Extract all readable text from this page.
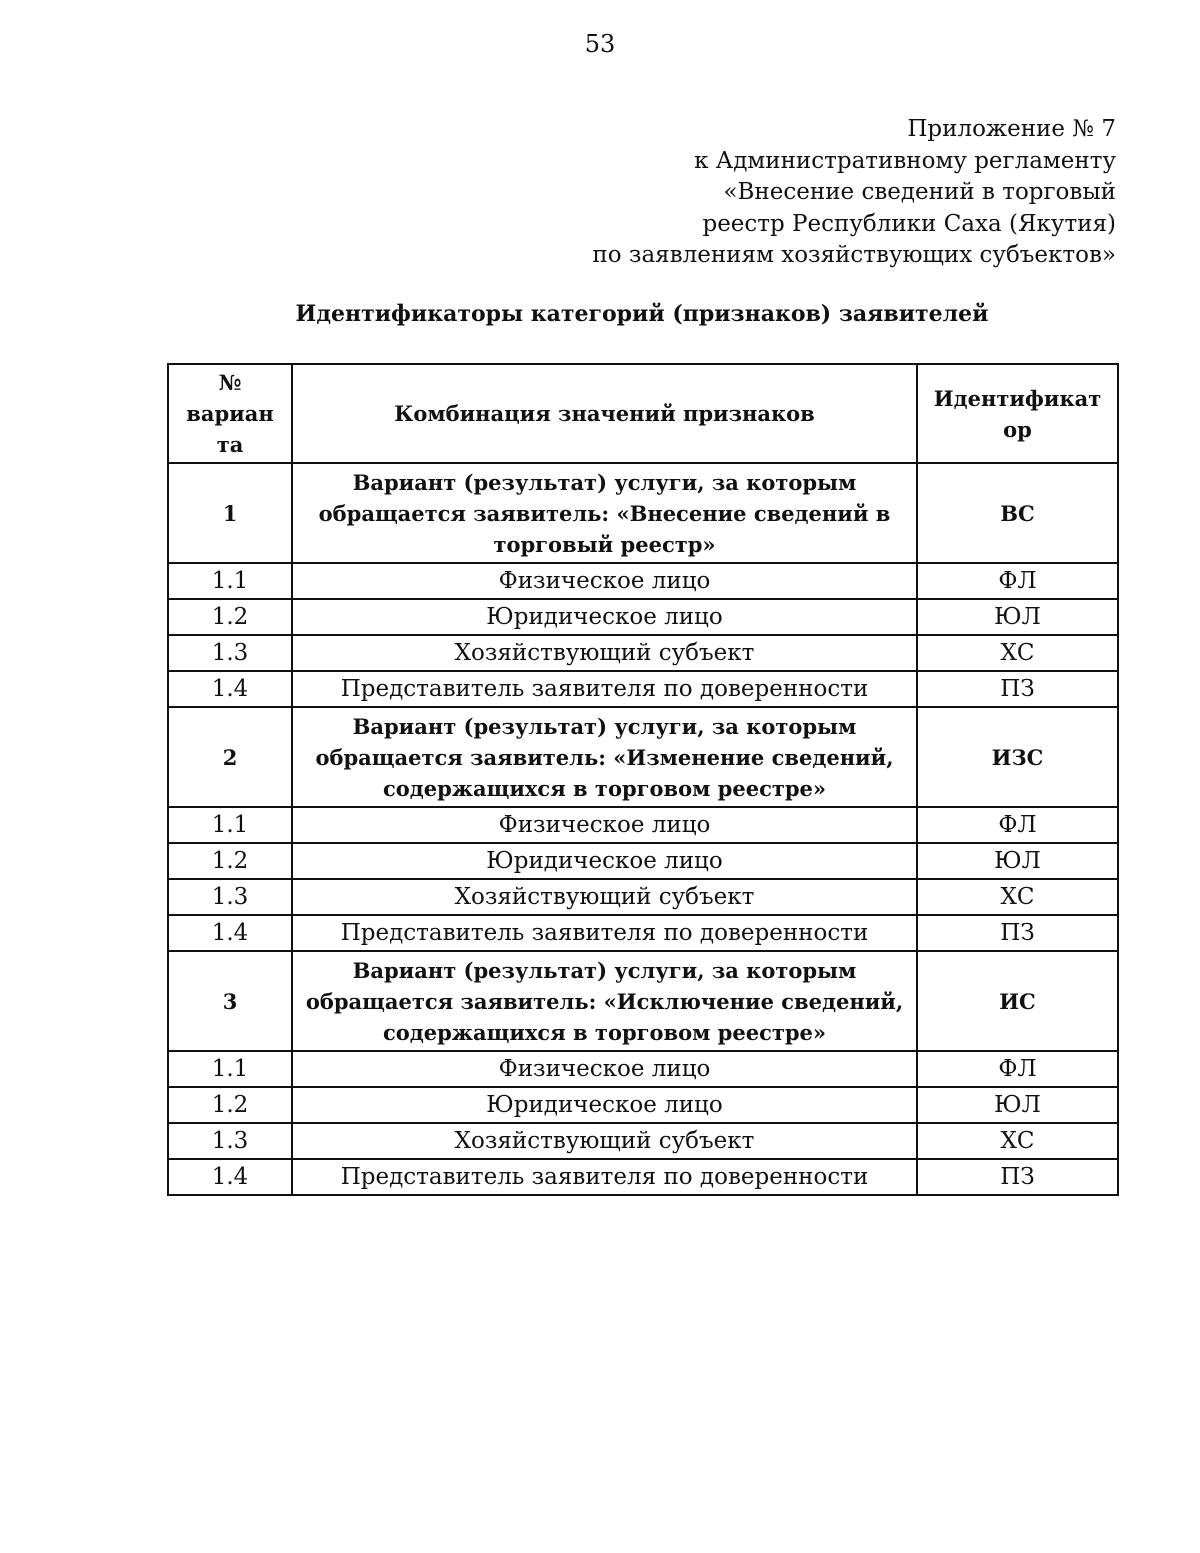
53
Приложение № 7
к Административному регламенту
«Внесение сведений в торговый
реестр Республики Саха (Якутия)
по заявлениям хозяйствующих субъектов»
Идентификаторы категорий (признаков) заявителей
№
вариан
та	Комбинация значений признаков	Идентификат
ор
1	Вариант (результат) услуги, за которым
обращается заявитель: «Внесение сведений в
торговый реестр»	ВС
1.1	Физическое лицо	ФЛ
1.2	Юридическое лицо	ЮЛ
1.3	Хозяйствующий субъект	ХС
1.4	Представитель заявителя по доверенности	ПЗ
2	Вариант (результат) услуги, за которым
обращается заявитель: «Изменение сведений,
содержащихся в торговом реестре»	ИЗС
1.1	Физическое лицо	ФЛ
1.2	Юридическое лицо	ЮЛ
1.3	Хозяйствующий субъект	ХС
1.4	Представитель заявителя по доверенности	ПЗ
3	Вариант (результат) услуги, за которым
обращается заявитель: «Исключение сведений,
содержащихся в торговом реестре»	ИС
1.1	Физическое лицо	ФЛ
1.2	Юридическое лицо	ЮЛ
1.3	Хозяйствующий субъект	ХС
1.4	Представитель заявителя по доверенности	ПЗ
